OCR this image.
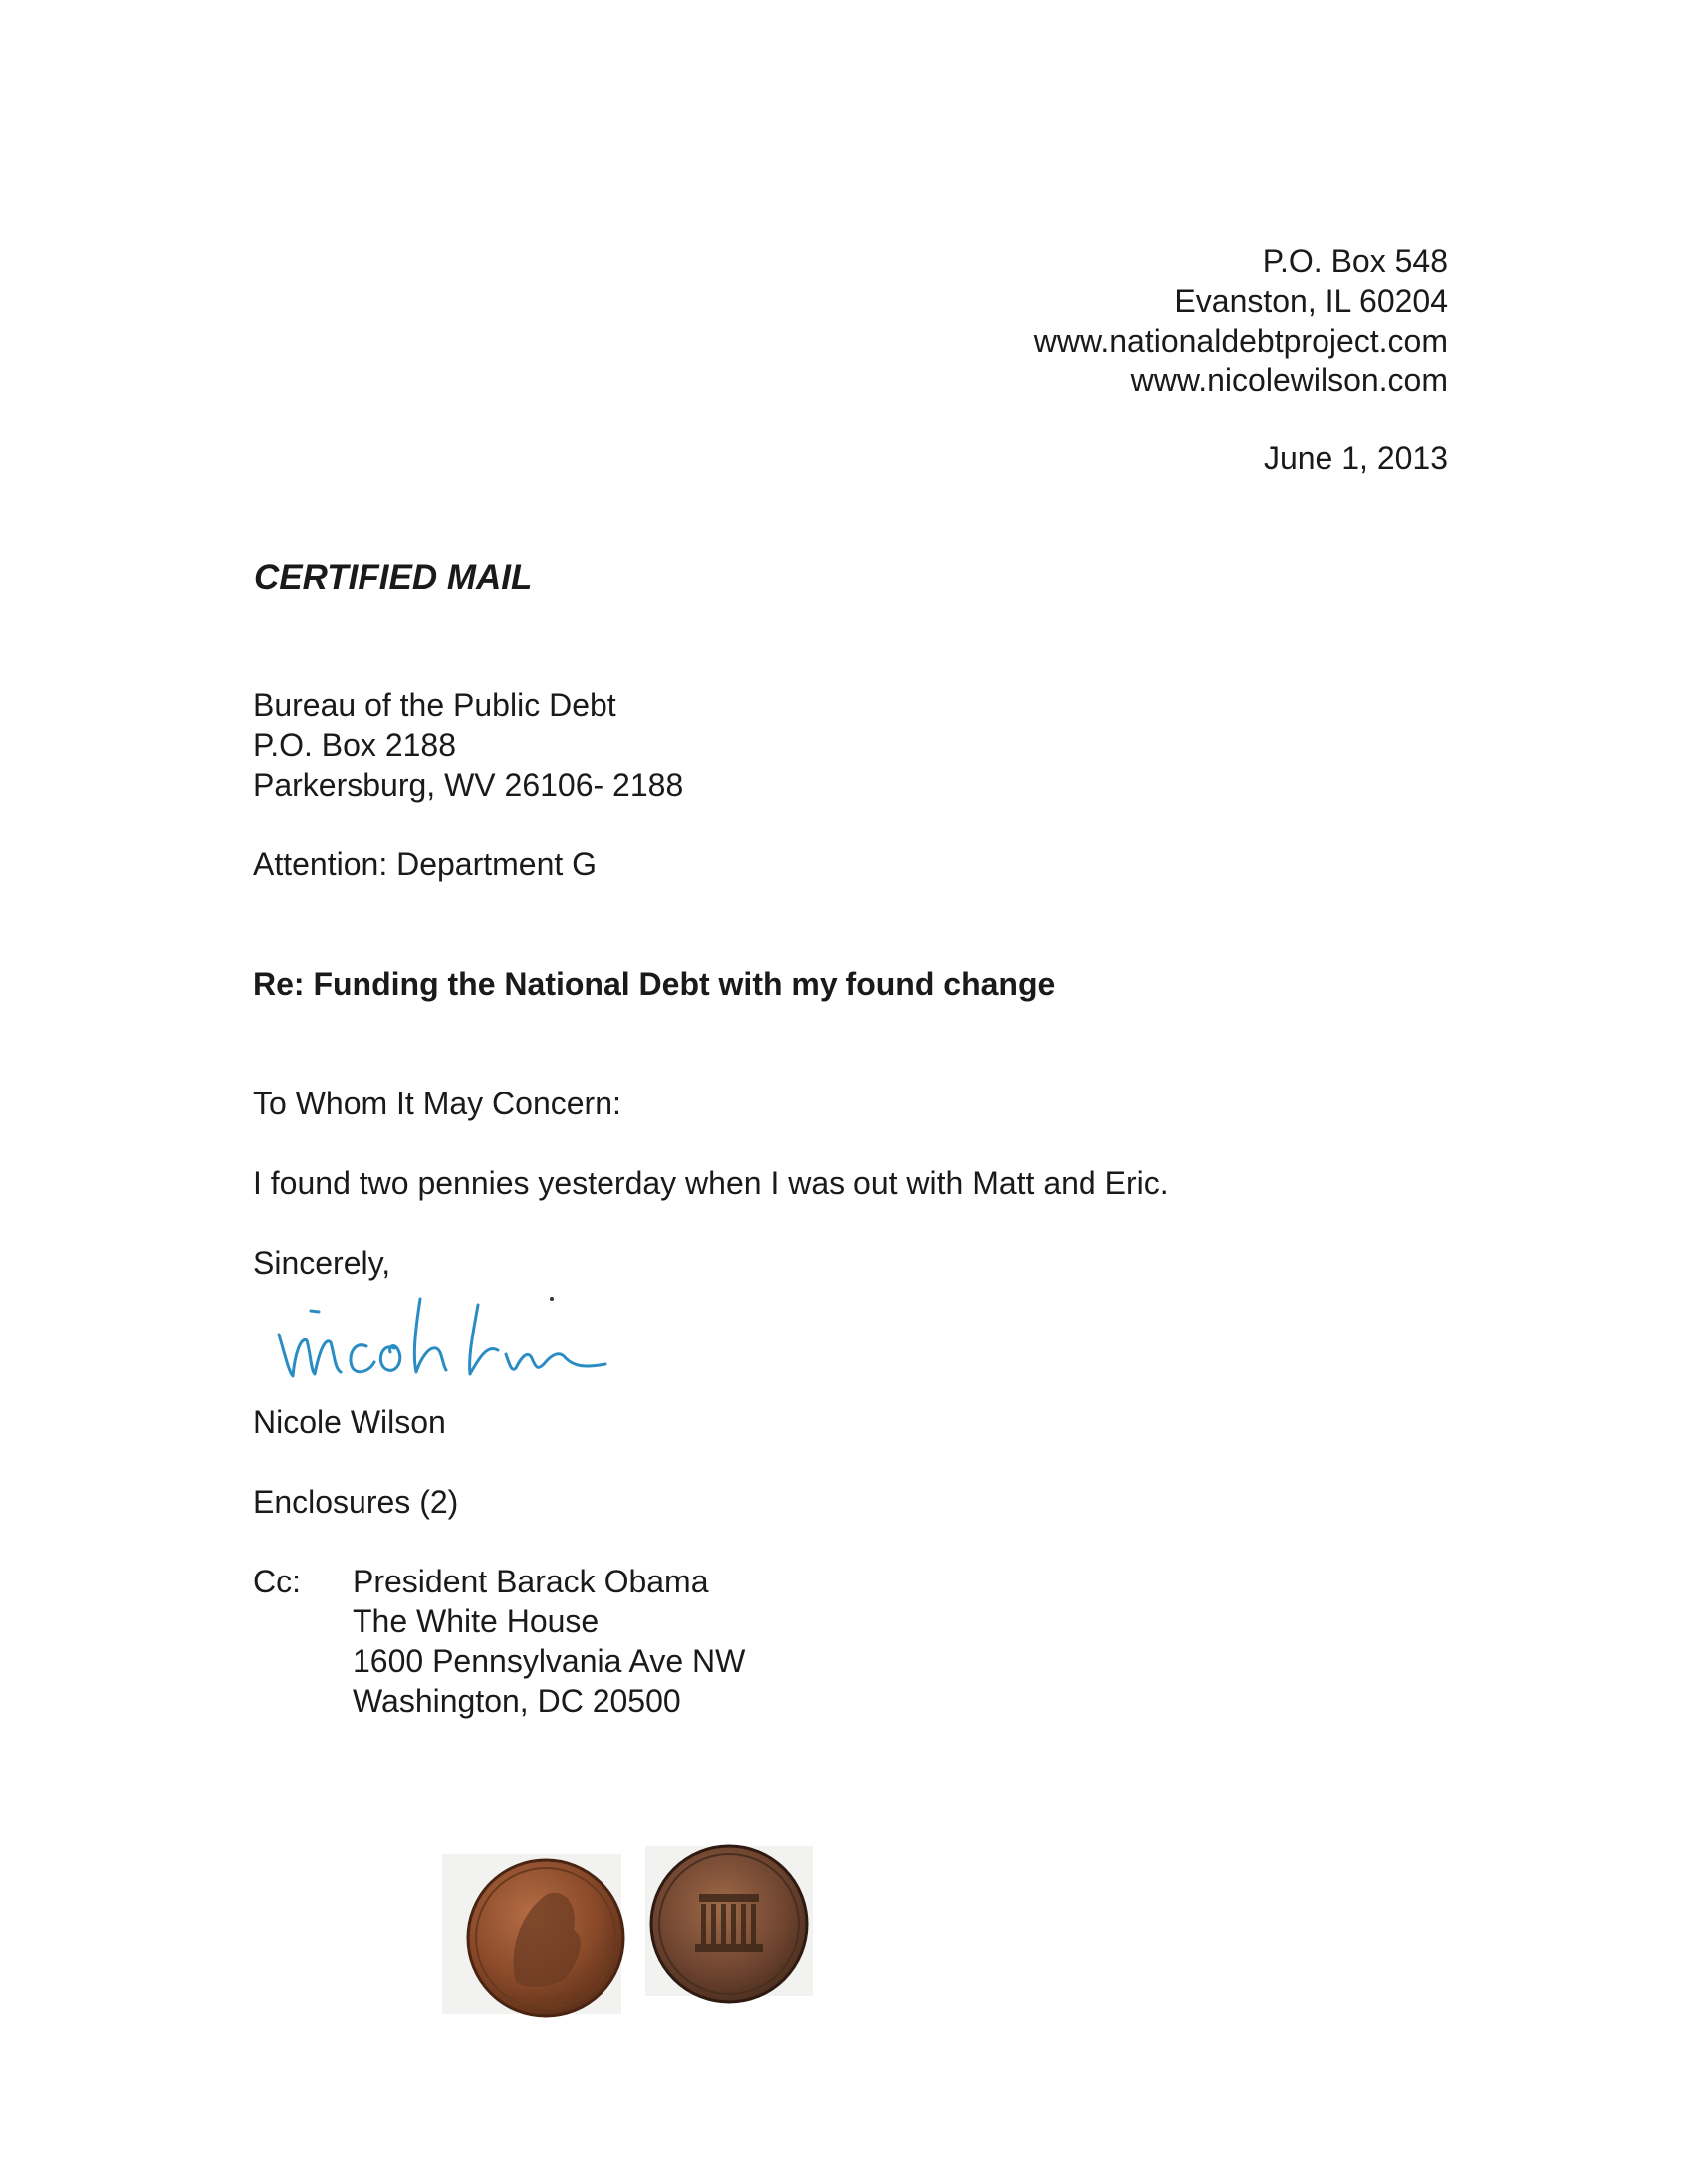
P.O. Box 548
Evanston, IL 60204
www.nationaldebtproject.com
www.nicolewilson.com
June 1, 2013
CERTIFIED MAIL
Bureau of the Public Debt
P.O. Box 2188
Parkersburg, WV 26106- 2188
Attention: Department G
Re: Funding the National Debt with my found change
To Whom It May Concern:
I found two pennies yesterday when I was out with Matt and Eric.
Sincerely,
Nicole Wilson
Enclosures (2)
Cc: President Barack Obama
The White House
1600 Pennsylvania Ave NW
Washington, DC 20500
